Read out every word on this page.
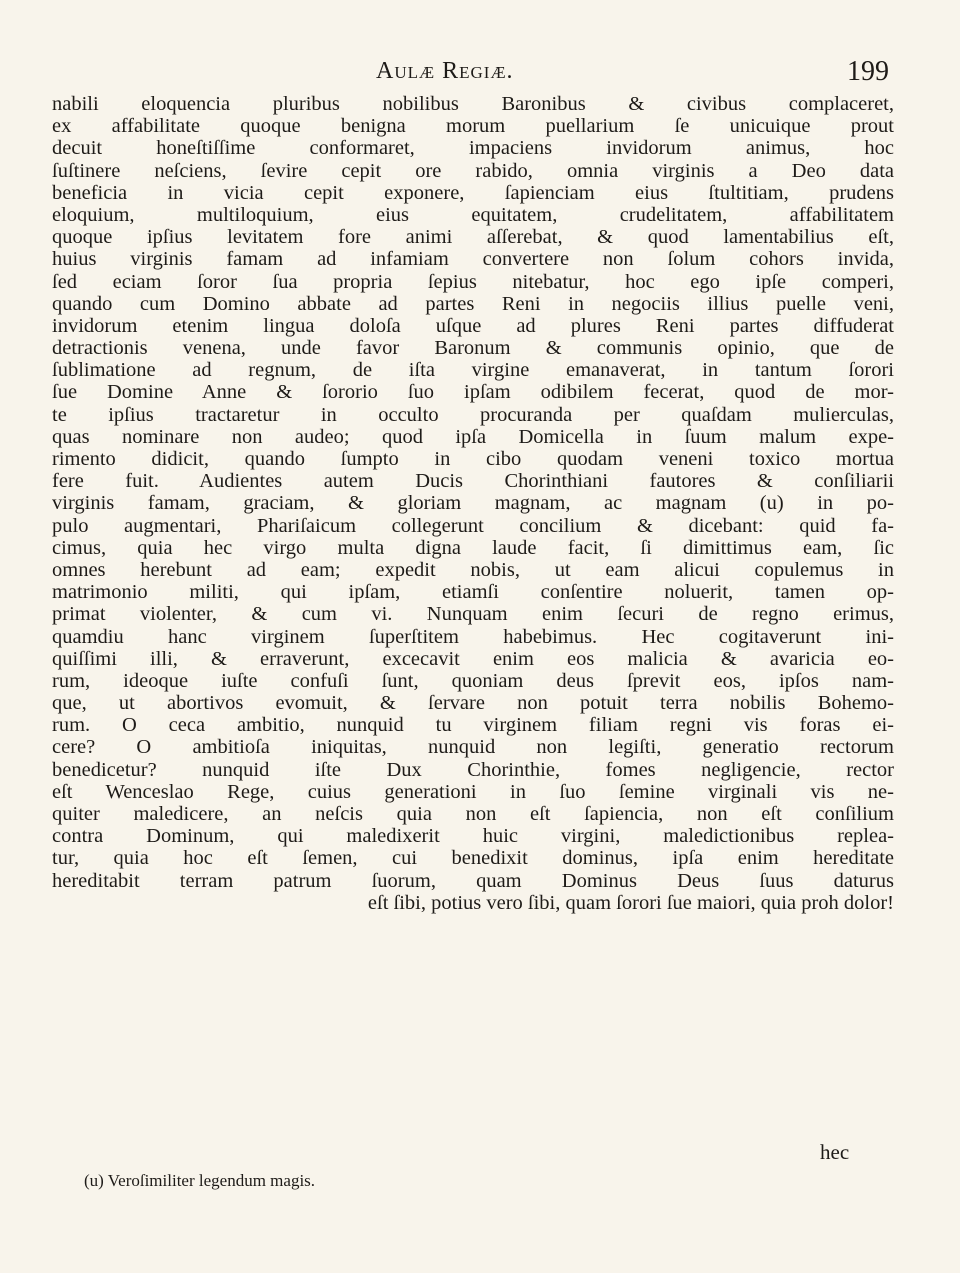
Aulæ Regiæ.	199
nabili eloquencia pluribus nobilibus Baronibus & civibus complaceret,
ex affabilitate quoque benigna morum puellarium ſe unicuique prout
decuit honeſtiſſime conformaret, impaciens invidorum animus, hoc
ſuſtinere neſciens, ſevire cepit ore rabido, omnia virginis a Deo data
beneficia in vicia cepit exponere, ſapienciam eius ſtultitiam, prudens
eloquium, multiloquium, eius equitatem, crudelitatem, affabilitatem
quoque ipſius levitatem fore animi aſſerebat, & quod lamentabilius eſt,
huius virginis famam ad infamiam convertere non ſolum cohors invida,
ſed eciam ſoror ſua propria ſepius nitebatur, hoc ego ipſe comperi,
quando cum Domino abbate ad partes Reni in negociis illius puelle veni,
invidorum etenim lingua doloſa uſque ad plures Reni partes diffuderat
detractionis venena, unde favor Baronum & communis opinio, que de
ſublimatione ad regnum, de iſta virgine emanaverat, in tantum ſorori
ſue Domine Anne & ſororio ſuo ipſam odibilem fecerat, quod de mor-
te ipſius tractaretur in occulto procuranda per quaſdam mulierculas,
quas nominare non audeo; quod ipſa Domicella in ſuum malum expe-
rimento didicit, quando ſumpto in cibo quodam veneni toxico mortua
fere fuit. Audientes autem Ducis Chorinthiani fautores & conſiliarii
virginis famam, graciam, & gloriam magnam, ac magnam (u) in po-
pulo augmentari, Phariſaicum collegerunt concilium & dicebant: quid fa-
cimus, quia hec virgo multa digna laude facit, ſi dimittimus eam, ſic
omnes herebunt ad eam; expedit nobis, ut eam alicui copulemus in
matrimonio militi, qui ipſam, etiamſi conſentire noluerit, tamen op-
primat violenter, & cum vi. Nunquam enim ſecuri de regno erimus,
quamdiu hanc virginem ſuperſtitem habebimus. Hec cogitaverunt ini-
quiſſimi illi, & erraverunt, excecavit enim eos malicia & avaricia eo-
rum, ideoque iuſte confuſi ſunt, quoniam deus ſprevit eos, ipſos nam-
que, ut abortivos evomuit, & ſervare non potuit terra nobilis Bohemo-
rum. O ceca ambitio, nunquid tu virginem filiam regni vis foras ei-
cere? O ambitioſa iniquitas, nunquid non legiſti, generatio rectorum
benedicetur? nunquid iſte Dux Chorinthie, fomes negligencie, rector
eſt Wenceslao Rege, cuius generationi in ſuo ſemine virginali vis ne-
quiter maledicere, an neſcis quia non eſt ſapiencia, non eſt conſilium
contra Dominum, qui maledixerit huic virgini, maledictionibus replea-
tur, quia hoc eſt ſemen, cui benedixit dominus, ipſa enim hereditate
hereditabit terram patrum ſuorum, quam Dominus Deus ſuus daturus
eſt ſibi, potius vero ſibi, quam ſorori ſue maiori, quia proh dolor!
hec
(u) Veroſimiliter legendum magis.
